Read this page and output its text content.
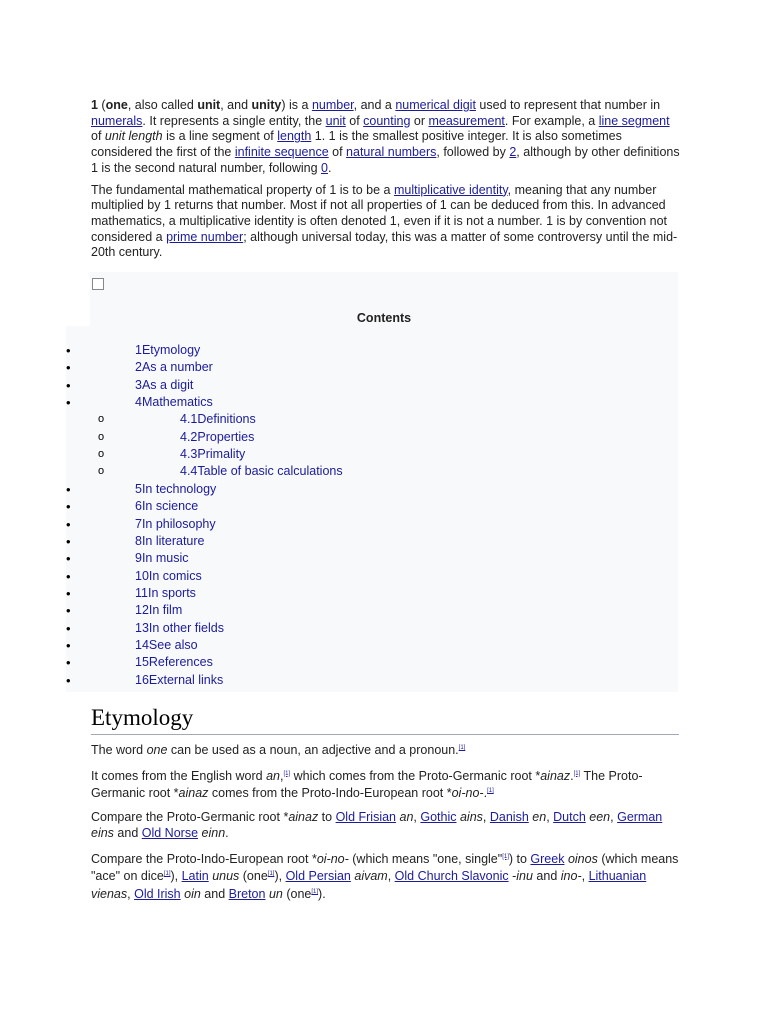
1 (one, also called unit, and unity) is a number, and a numerical digit used to represent that number in numerals. It represents a single entity, the unit of counting or measurement. For example, a line segment of unit length is a line segment of length 1. 1 is the smallest positive integer. It is also sometimes considered the first of the infinite sequence of natural numbers, followed by 2, although by other definitions 1 is the second natural number, following 0.

The fundamental mathematical property of 1 is to be a multiplicative identity, meaning that any number multiplied by 1 returns that number. Most if not all properties of 1 can be deduced from this. In advanced mathematics, a multiplicative identity is often denoted 1, even if it is not a number. 1 is by convention not considered a prime number; although universal today, this was a matter of some controversy until the mid-20th century.

Contents
•	1Etymology
•	2As a number
•	3As a digit
•	4Mathematics
o	4.1Definitions
o	4.2Properties
o	4.3Primality
o	4.4Table of basic calculations
•	5In technology
•	6In science
•	7In philosophy
•	8In literature
•	9In music
•	10In comics
•	11In sports
•	12In film
•	13In other fields
•	14See also
•	15References
•	16External links
Etymology

The word one can be used as a noun, an adjective and a pronoun.[1]

It comes from the English word an,[1] which comes from the Proto-Germanic root *ainaz.[1] The Proto-Germanic root *ainaz comes from the Proto-Indo-European root *oi-no-.[1]

Compare the Proto-Germanic root *ainaz to Old Frisian an, Gothic ains, Danish en, Dutch een, German eins and Old Norse einn.

Compare the Proto-Indo-European root *oi-no- (which means "one, single"[1]) to Greek oinos (which means "ace" on dice[1]), Latin unus (one[1]), Old Persian aivam, Old Church Slavonic -inu and ino-, Lithuanian vienas, Old Irish oin and Breton un (one[1]).
